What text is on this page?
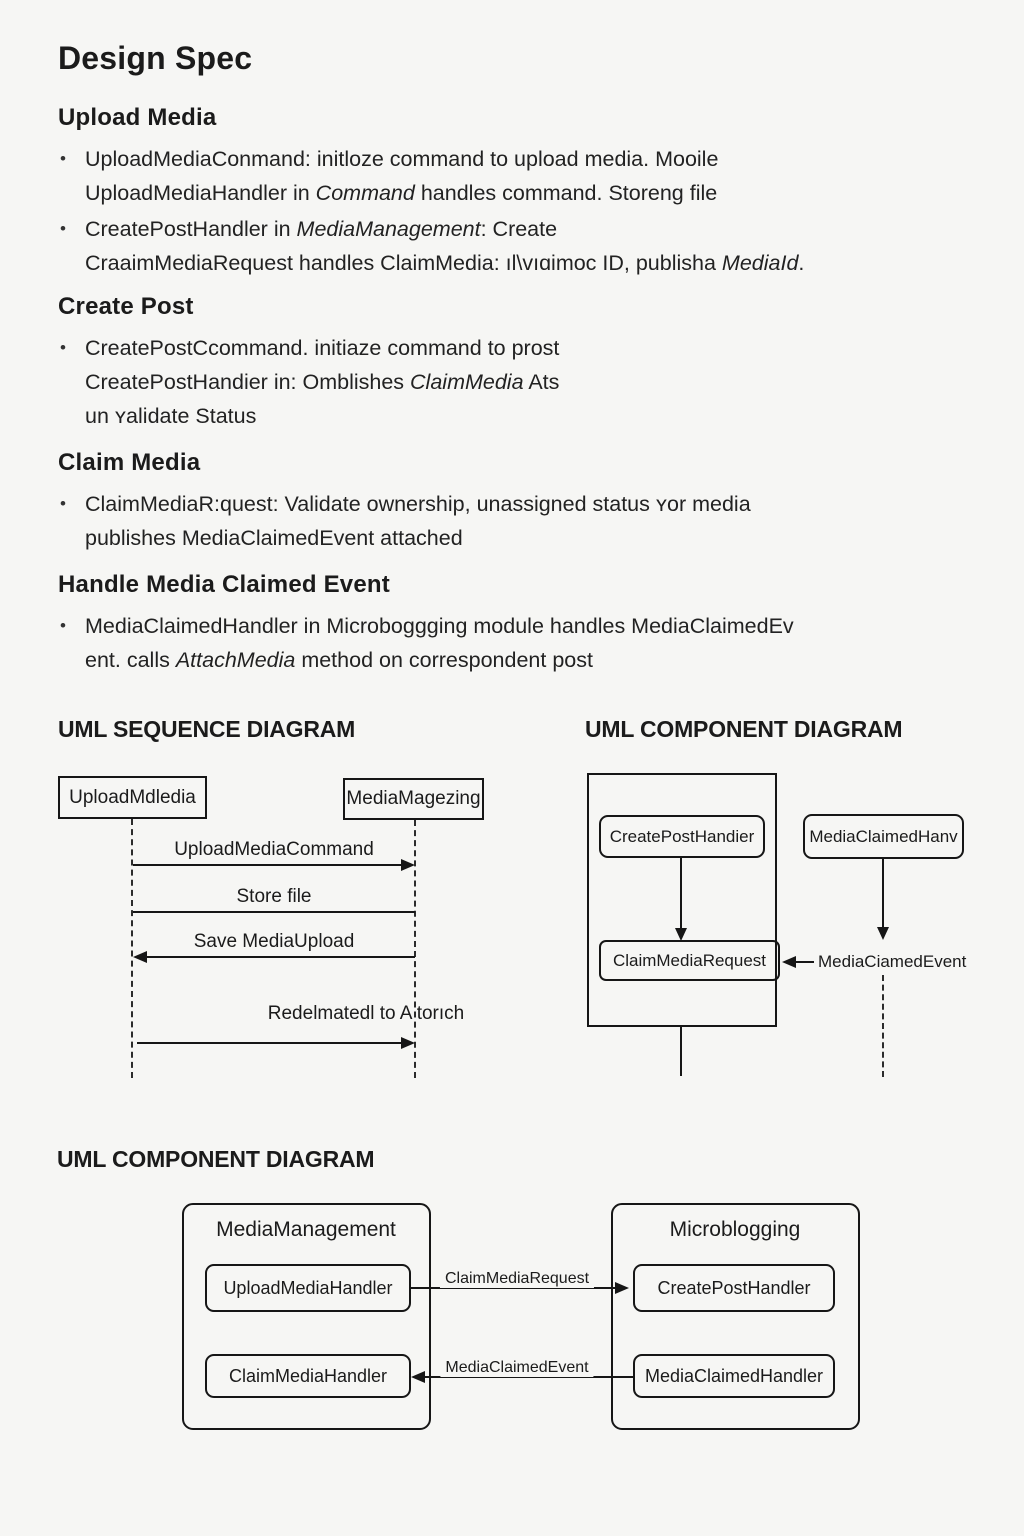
Design Spec
Upload Media
• UploadMediaConmand: initloze command to upload media. Mooile
UploadMediaHandler in Command handles command. Storeng file
• CreatePostHandler in MediaManagement: Create
CraaimMediaRequest handles ClaimMedia: ıl\vıɑimoc ID, publisha MediaId.
Create Post
• CreatePostCcommand. initiaze command to prost
CreatePostHandier in: Omblishes ClaimMedia Ats
un ʏalidate Status
Claim Media
• ClaimMediaR:quest: Validate ownership, unassigned status ʏor media
publishes MediaClaimedEvent attached
Handle Media Claimed Event
• MediaClaimedHandler in Microboggging module handles MediaClaimedEv
ent. calls AttachMedia method on correspondent post
UML SEQUENCE DIAGRAM
UploadMdledia	MediaMagezing
UploadMediaCommand
Store file
Save MediaUpload
Redelmatedl to A torıch
UML COMPONENT DIAGRAM
CreatePostHandier
ClaimMediaRequest
MediaClaimedHanv
MediaCiamedEvent
UML COMPONENT DIAGRAM
MediaManagement
UploadMediaHandler
ClaimMediaHandler
Microblogging
CreatePostHandler
MediaClaimedHandler
ClaimMediaRequest
MediaClaimedEvent
